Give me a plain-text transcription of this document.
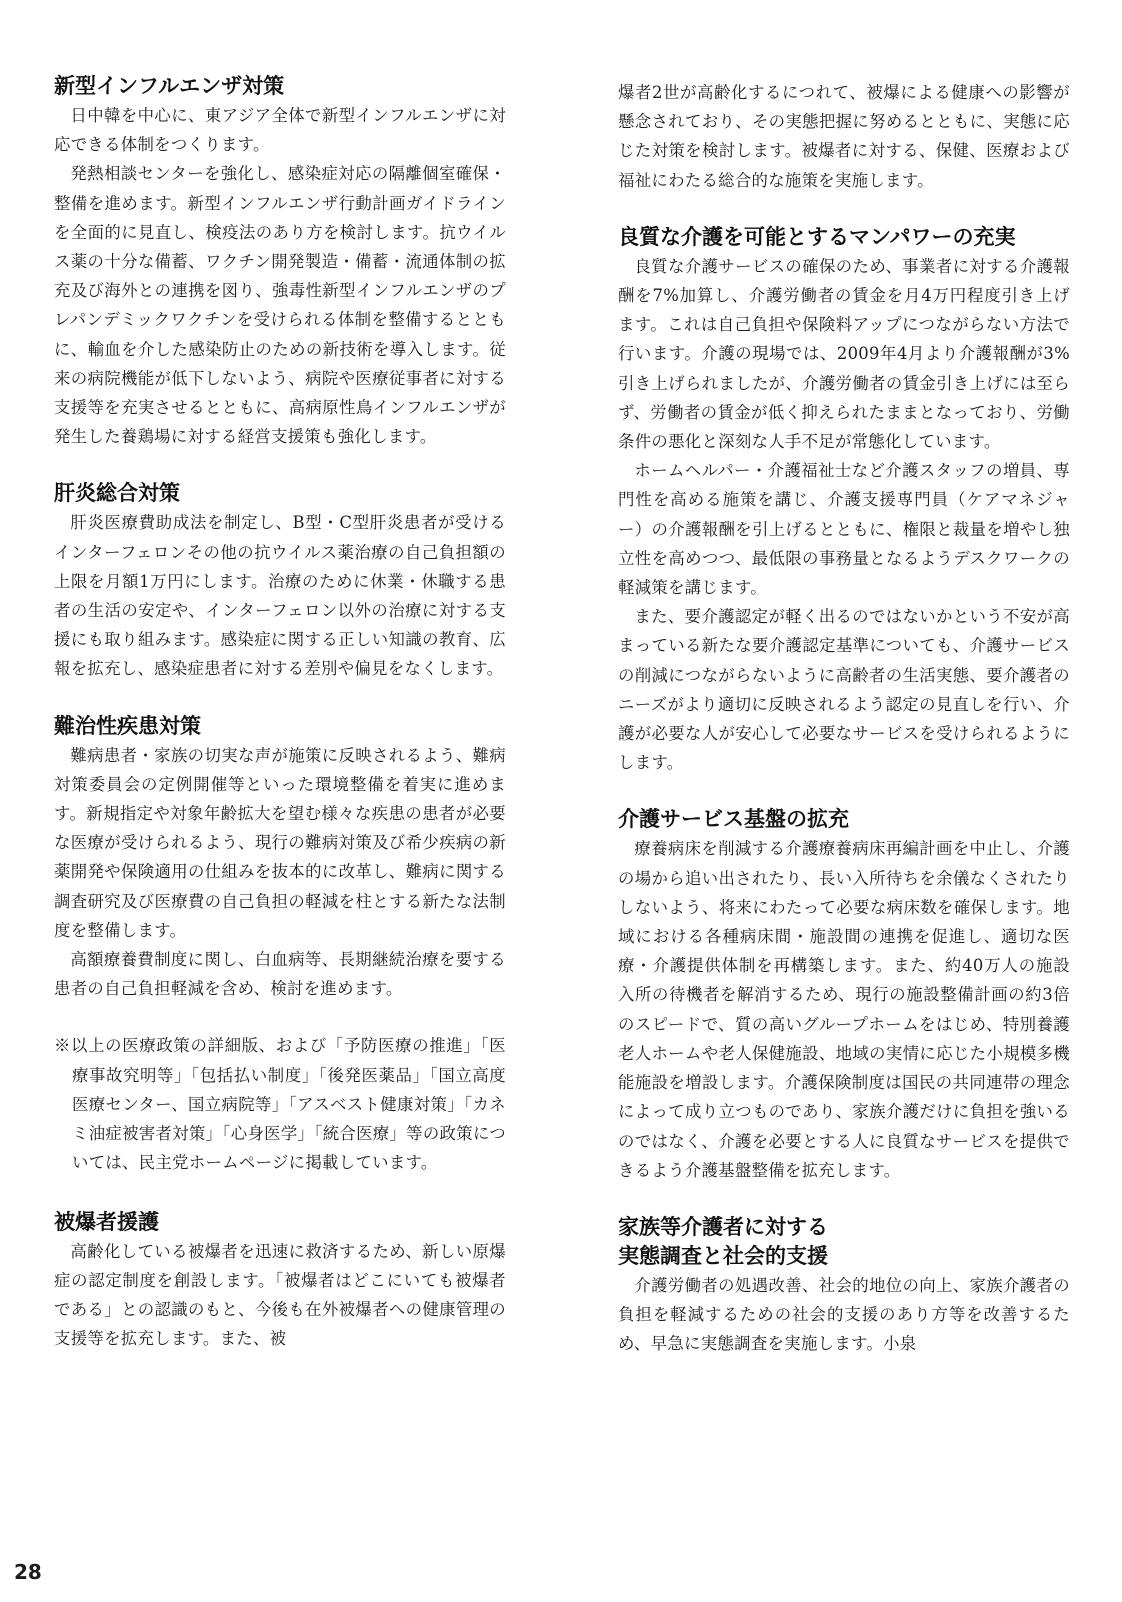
新型インフルエンザ対策

日中韓を中心に、東アジア全体で新型インフルエンザに対応できる体制をつくります。

発熱相談センターを強化し、感染症対応の隔離個室確保・整備を進めます。新型インフルエンザ行動計画ガイドラインを全面的に見直し、検疫法のあり方を検討します。抗ウイルス薬の十分な備蓄、ワクチン開発製造・備蓄・流通体制の拡充及び海外との連携を図り、強毒性新型インフルエンザのプレパンデミックワクチンを受けられる体制を整備するとともに、輸血を介した感染防止のための新技術を導入します。従来の病院機能が低下しないよう、病院や医療従事者に対する支援等を充実させるとともに、高病原性鳥インフルエンザが発生した養鶏場に対する経営支援策も強化します。

肝炎総合対策

肝炎医療費助成法を制定し、B型・C型肝炎患者が受けるインターフェロンその他の抗ウイルス薬治療の自己負担額の上限を月額1万円にします。治療のために休業・休職する患者の生活の安定や、インターフェロン以外の治療に対する支援にも取り組みます。感染症に関する正しい知識の教育、広報を拡充し、感染症患者に対する差別や偏見をなくします。

難治性疾患対策

難病患者・家族の切実な声が施策に反映されるよう、難病対策委員会の定例開催等といった環境整備を着実に進めます。新規指定や対象年齢拡大を望む様々な疾患の患者が必要な医療が受けられるよう、現行の難病対策及び希少疾病の新薬開発や保険適用の仕組みを抜本的に改革し、難病に関する調査研究及び医療費の自己負担の軽減を柱とする新たな法制度を整備します。

高額療養費制度に関し、白血病等、長期継続治療を要する患者の自己負担軽減を含め、検討を進めます。

※以上の医療政策の詳細版、および「予防医療の推進」「医療事故究明等」「包括払い制度」「後発医薬品」「国立高度医療センター、国立病院等」「アスベスト健康対策」「カネミ油症被害者対策」「心身医学」「統合医療」等の政策については、民主党ホームページに掲載しています。
被爆者援護

高齢化している被爆者を迅速に救済するため、新しい原爆症の認定制度を創設します。「被爆者はどこにいても被爆者である」との認識のもと、今後も在外被爆者への健康管理の支援等を拡充します。また、被

爆者2世が高齢化するにつれて、被爆による健康への影響が懸念されており、その実態把握に努めるとともに、実態に応じた対策を検討します。被爆者に対する、保健、医療および福祉にわたる総合的な施策を実施します。

良質な介護を可能とするマンパワーの充実

良質な介護サービスの確保のため、事業者に対する介護報酬を7%加算し、介護労働者の賃金を月4万円程度引き上げます。これは自己負担や保険料アップにつながらない方法で行います。介護の現場では、2009年4月より介護報酬が3%引き上げられましたが、介護労働者の賃金引き上げには至らず、労働者の賃金が低く抑えられたままとなっており、労働条件の悪化と深刻な人手不足が常態化しています。

ホームヘルパー・介護福祉士など介護スタッフの増員、専門性を高める施策を講じ、介護支援専門員（ケアマネジャー）の介護報酬を引上げるとともに、権限と裁量を増やし独立性を高めつつ、最低限の事務量となるようデスクワークの軽減策を講じます。

また、要介護認定が軽く出るのではないかという不安が高まっている新たな要介護認定基準についても、介護サービスの削減につながらないように高齢者の生活実態、要介護者のニーズがより適切に反映されるよう認定の見直しを行い、介護が必要な人が安心して必要なサービスを受けられるようにします。

介護サービス基盤の拡充

療養病床を削減する介護療養病床再編計画を中止し、介護の場から追い出されたり、長い入所待ちを余儀なくされたりしないよう、将来にわたって必要な病床数を確保します。地域における各種病床間・施設間の連携を促進し、適切な医療・介護提供体制を再構築します。また、約40万人の施設入所の待機者を解消するため、現行の施設整備計画の約3倍のスピードで、質の高いグループホームをはじめ、特別養護老人ホームや老人保健施設、地域の実情に応じた小規模多機能施設を増設します。介護保険制度は国民の共同連帯の理念によって成り立つものであり、家族介護だけに負担を強いるのではなく、介護を必要とする人に良質なサービスを提供できるよう介護基盤整備を拡充します。

家族等介護者に対する
実態調査と社会的支援

介護労働者の処遇改善、社会的地位の向上、家族介護者の負担を軽減するための社会的支援のあり方等を改善するため、早急に実態調査を実施します。小泉

28
